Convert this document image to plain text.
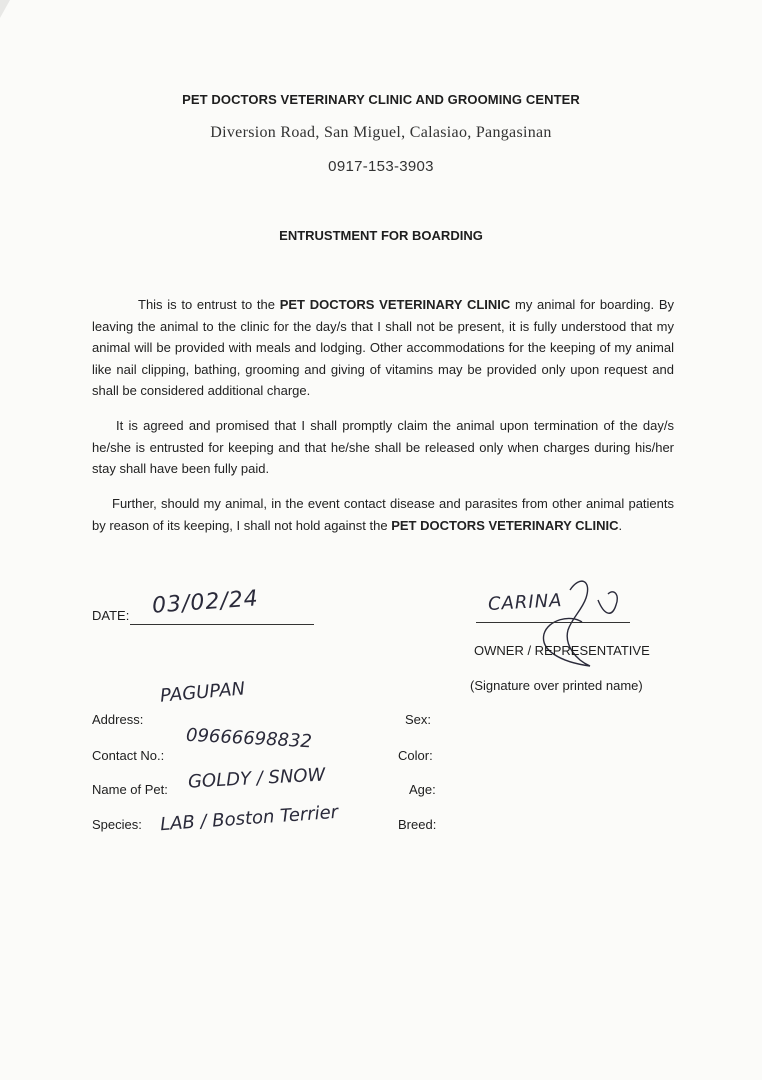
PET DOCTORS VETERINARY CLINIC AND GROOMING CENTER
Diversion Road, San Miguel, Calasiao, Pangasinan
0917-153-3903
ENTRUSTMENT FOR BOARDING
This is to entrust to the PET DOCTORS VETERINARY CLINIC my animal for boarding. By leaving the animal to the clinic for the day/s that I shall not be present, it is fully understood that my animal will be provided with meals and lodging. Other accommodations for the keeping of my animal like nail clipping, bathing, grooming and giving of vitamins may be provided only upon request and shall be considered additional charge.
It is agreed and promised that I shall promptly claim the animal upon termination of the day/s he/she is entrusted for keeping and that he/she shall be released only when charges during his/her stay shall have been fully paid.
Further, should my animal, in the event contact disease and parasites from other animal patients by reason of its keeping, I shall not hold against the PET DOCTORS VETERINARY CLINIC.
DATE: 03/02/24	CARINA
OWNER / REPRESENTATIVE
(Signature over printed name)
Address:
PAGUPAN
Contact No.:
09666698832
Name of Pet: GOLDY / SNOW
Species: LAB / Boston Terrier
Sex:
Color:
Age:
Breed:
